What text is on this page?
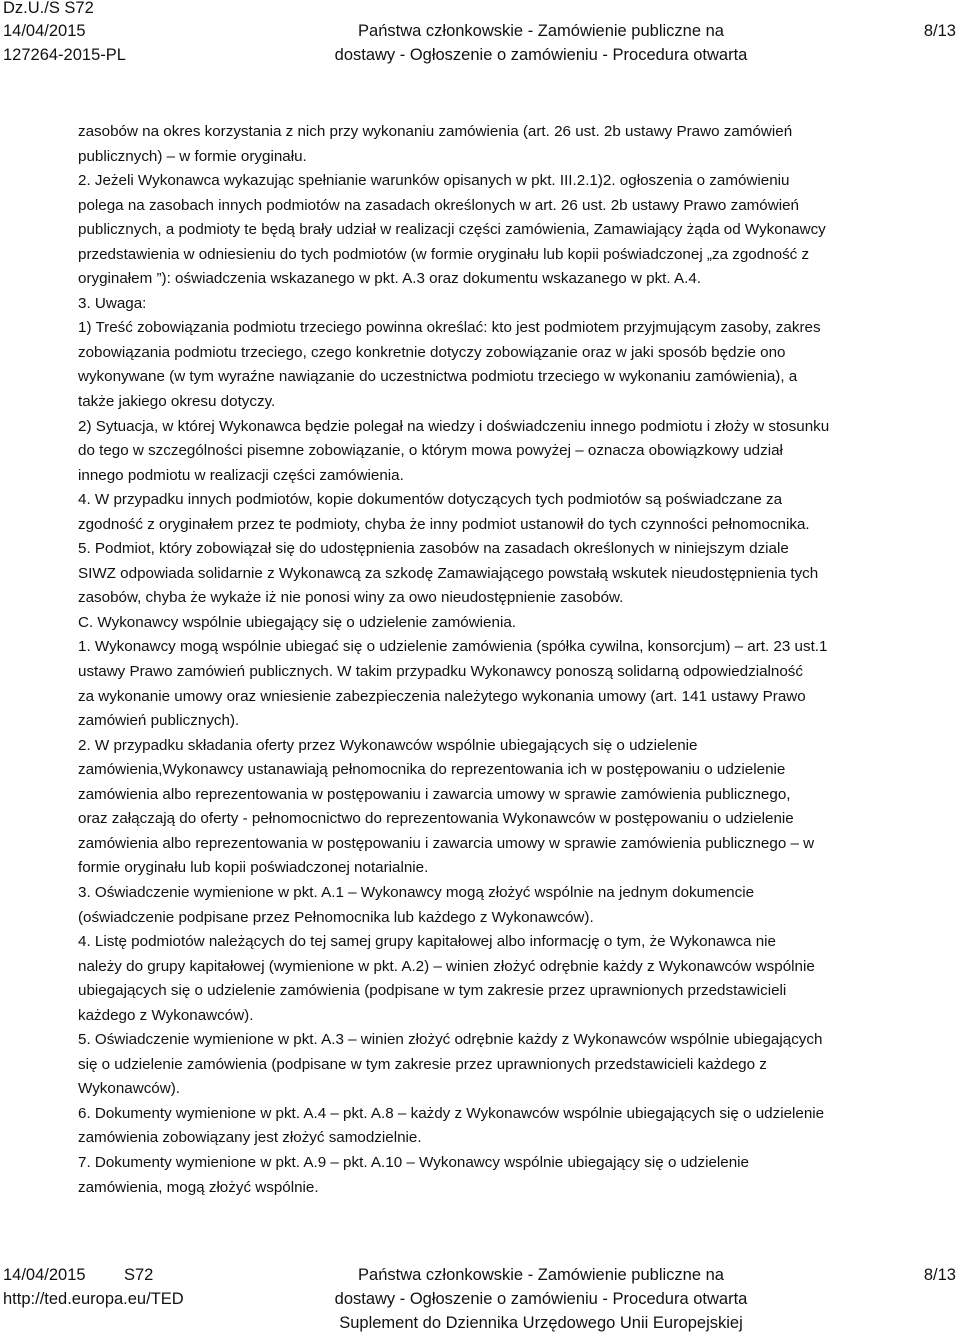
Dz.U./S S72
14/04/2015	Państwa członkowskie - Zamówienie publiczne na	8/13
127264-2015-PL	dostawy - Ogłoszenie o zamówieniu - Procedura otwarta
zasobów na okres korzystania z nich przy wykonaniu zamówienia (art. 26 ust. 2b ustawy Prawo zamówień
publicznych) – w formie oryginału.
2. Jeżeli Wykonawca wykazując spełnianie warunków opisanych w pkt. III.2.1)2. ogłoszenia o zamówieniu
polega na zasobach innych podmiotów na zasadach określonych w art. 26 ust. 2b ustawy Prawo zamówień
publicznych, a podmioty te będą brały udział w realizacji części zamówienia, Zamawiający żąda od Wykonawcy
przedstawienia w odniesieniu do tych podmiotów (w formie oryginału lub kopii poświadczonej „za zgodność z
oryginałem ”): oświadczenia wskazanego w pkt. A.3 oraz dokumentu wskazanego w pkt. A.4.
3. Uwaga:
1) Treść zobowiązania podmiotu trzeciego powinna określać: kto jest podmiotem przyjmującym zasoby, zakres
zobowiązania podmiotu trzeciego, czego konkretnie dotyczy zobowiązanie oraz w jaki sposób będzie ono
wykonywane (w tym wyraźne nawiązanie do uczestnictwa podmiotu trzeciego w wykonaniu zamówienia), a
także jakiego okresu dotyczy.
2) Sytuacja, w której Wykonawca będzie polegał na wiedzy i doświadczeniu innego podmiotu i złoży w stosunku
do tego w szczególności pisemne zobowiązanie, o którym mowa powyżej – oznacza obowiązkowy udział
innego podmiotu w realizacji części zamówienia.
4. W przypadku innych podmiotów, kopie dokumentów dotyczących tych podmiotów są poświadczane za
zgodność z oryginałem przez te podmioty, chyba że inny podmiot ustanowił do tych czynności pełnomocnika.
5. Podmiot, który zobowiązał się do udostępnienia zasobów na zasadach określonych w niniejszym dziale
SIWZ odpowiada solidarnie z Wykonawcą za szkodę Zamawiającego powstałą wskutek nieudostępnienia tych
zasobów, chyba że wykaże iż nie ponosi winy za owo nieudostępnienie zasobów.
C. Wykonawcy wspólnie ubiegający się o udzielenie zamówienia.
1. Wykonawcy mogą wspólnie ubiegać się o udzielenie zamówienia (spółka cywilna, konsorcjum) – art. 23 ust.1
ustawy Prawo zamówień publicznych. W takim przypadku Wykonawcy ponoszą solidarną odpowiedzialność
za wykonanie umowy oraz wniesienie zabezpieczenia należytego wykonania umowy (art. 141 ustawy Prawo
zamówień publicznych).
2. W przypadku składania oferty przez Wykonawców wspólnie ubiegających się o udzielenie
zamówienia,Wykonawcy ustanawiają pełnomocnika do reprezentowania ich w postępowaniu o udzielenie
zamówienia albo reprezentowania w postępowaniu i zawarcia umowy w sprawie zamówienia publicznego,
oraz załączają do oferty - pełnomocnictwo do reprezentowania Wykonawców w postępowaniu o udzielenie
zamówienia albo reprezentowania w postępowaniu i zawarcia umowy w sprawie zamówienia publicznego – w
formie oryginału lub kopii poświadczonej notarialnie.
3. Oświadczenie wymienione w pkt. A.1 – Wykonawcy mogą złożyć wspólnie na jednym dokumencie
(oświadczenie podpisane przez Pełnomocnika lub każdego z Wykonawców).
4. Listę podmiotów należących do tej samej grupy kapitałowej albo informację o tym, że Wykonawca nie
należy do grupy kapitałowej (wymienione w pkt. A.2) – winien złożyć odrębnie każdy z Wykonawców wspólnie
ubiegających się o udzielenie zamówienia (podpisane w tym zakresie przez uprawnionych przedstawicieli
każdego z Wykonawców).
5. Oświadczenie wymienione w pkt. A.3 – winien złożyć odrębnie każdy z Wykonawców wspólnie ubiegających
się o udzielenie zamówienia (podpisane w tym zakresie przez uprawnionych przedstawicieli każdego z
Wykonawców).
6. Dokumenty wymienione w pkt. A.4 – pkt. A.8 – każdy z Wykonawców wspólnie ubiegających się o udzielenie
zamówienia zobowiązany jest złożyć samodzielnie.
7. Dokumenty wymienione w pkt. A.9 – pkt. A.10 – Wykonawcy wspólnie ubiegający się o udzielenie
zamówienia, mogą złożyć wspólnie.
14/04/2015 S72	Państwa członkowskie - Zamówienie publiczne na	8/13
http://ted.europa.eu/TED	dostawy - Ogłoszenie o zamówieniu - Procedura otwarta
Suplement do Dziennika Urzędowego Unii Europejskiej
